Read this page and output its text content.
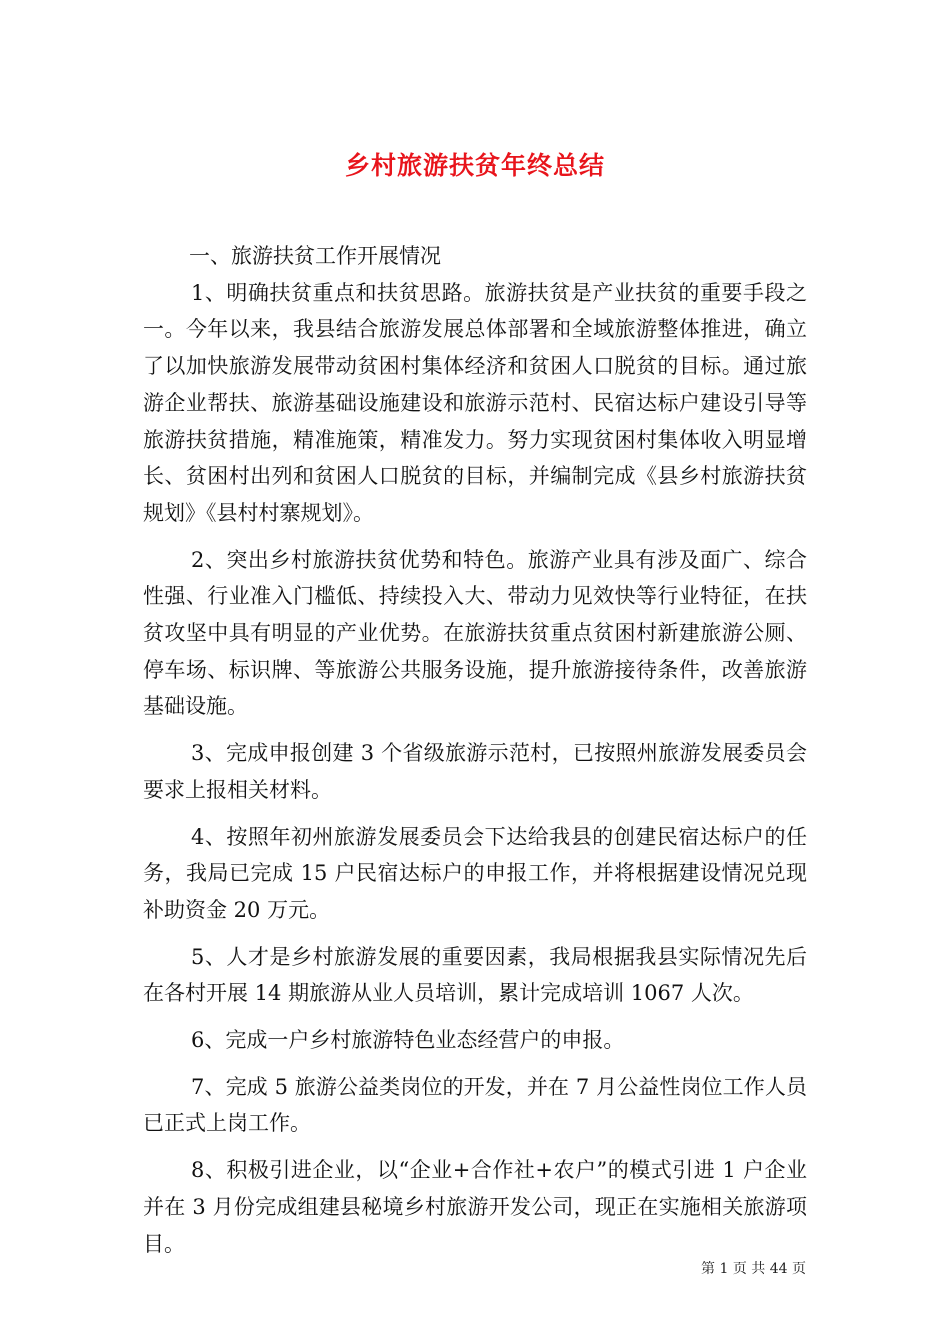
乡村旅游扶贫年终总结

一、旅游扶贫工作开展情况

1、明确扶贫重点和扶贫思路。旅游扶贫是产业扶贫的重要手段之一。今年以来，我县结合旅游发展总体部署和全域旅游整体推进，确立了以加快旅游发展带动贫困村集体经济和贫困人口脱贫的目标。通过旅游企业帮扶、旅游基础设施建设和旅游示范村、民宿达标户建设引导等旅游扶贫措施，精准施策，精准发力。努力实现贫困村集体收入明显增长、贫困村出列和贫困人口脱贫的目标，并编制完成《县乡村旅游扶贫规划》《县村村寨规划》。

2、突出乡村旅游扶贫优势和特色。旅游产业具有涉及面广、综合性强、行业准入门槛低、持续投入大、带动力见效快等行业特征，在扶贫攻坚中具有明显的产业优势。在旅游扶贫重点贫困村新建旅游公厕、停车场、标识牌、等旅游公共服务设施，提升旅游接待条件，改善旅游基础设施。

3、完成申报创建 3 个省级旅游示范村，已按照州旅游发展委员会要求上报相关材料。

4、按照年初州旅游发展委员会下达给我县的创建民宿达标户的任务，我局已完成 15 户民宿达标户的申报工作，并将根据建设情况兑现补助资金 20 万元。

5、人才是乡村旅游发展的重要因素，我局根据我县实际情况先后在各村开展 14 期旅游从业人员培训，累计完成培训 1067 人次。

6、完成一户乡村旅游特色业态经营户的申报。

7、完成 5 旅游公益类岗位的开发，并在 7 月公益性岗位工作人员已正式上岗工作。

8、积极引进企业，以“企业+合作社+农户”的模式引进 1 户企业并在 3 月份完成组建县秘境乡村旅游开发公司，现正在实施相关旅游项目。

第 1 页 共 44 页
